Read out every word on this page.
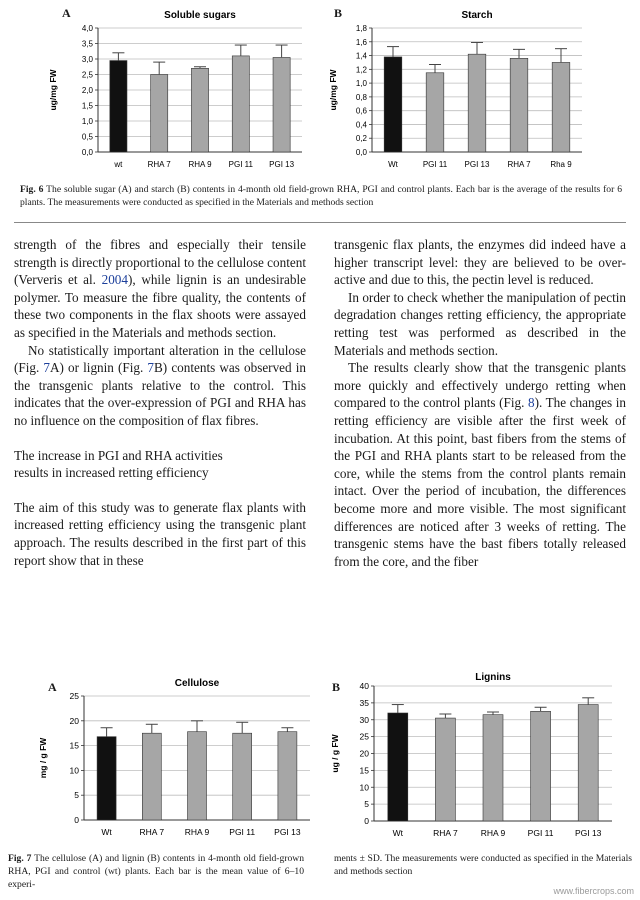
A	Soluble sugars
0,0
0,5
1,0
1,5
2,0
2,5
3,0
3,5
4,0
ug/mg FW
wt	RHA 7 RHA 9 PGI 11 PGI 13
B	Starch
0,0
0,2
0,4
0,6
0,8
1,0
1,2
1,4
1,6
1,8
ug/mg FW
Wt	PGI 11 PGI 13 RHA 7 Rha 9
Fig. 6 The soluble sugar (A) and starch (B) contents in 4-month old field-grown RHA, PGI and control plants. Each bar is the average of the results for 6 plants. The measurements were conducted as specified in the Materials and methods section

strength of the fibres and especially their tensile strength is directly proportional to the cellulose content (Ververis et al. 2004), while lignin is an undesirable polymer. To measure the fibre quality, the contents of these two components in the flax shoots were assayed as specified in the Materials and methods section.

No statistically important alteration in the cellulose (Fig. 7A) or lignin (Fig. 7B) contents was observed in the transgenic plants relative to the control. This indicates that the over-expression of PGI and RHA has no influence on the composition of flax fibres.

The increase in PGI and RHA activities

results in increased retting efficiency

The aim of this study was to generate flax plants with increased retting efficiency using the transgenic plant approach. The results described in the first part of this report show that in these

transgenic flax plants, the enzymes did indeed have a higher transcript level: they are believed to be over-active and due to this, the pectin level is reduced.

In order to check whether the manipulation of pectin degradation changes retting efficiency, the appropriate retting test was performed as described in the Materials and methods section.

The results clearly show that the transgenic plants more quickly and effectively undergo retting when compared to the control plants (Fig. 8). The changes in retting efficiency are visible after the first week of incubation. At this point, bast fibers from the stems of the PGI and RHA plants start to be released from the core, while the stems from the control plants remain intact. Over the period of incubation, the differences become more and more visible. The most significant differences are noticed after 3 weeks of retting. The transgenic stems have the bast fibers totally released from the core, and the fiber

A	Cellulose
0
5
10
15
20
25
mg / g FW
Wt	RHA 7 RHA 9 PGI 11 PGI 13
B
Lignins
0
5
10
15
20
25
30
35
40
ug / g FW
Wt	RHA 7	RHA 9	PGI 11	PGI 13
Fig. 7 The cellulose (A) and lignin (B) contents in 4-month old field-grown RHA, PGI and control (wt) plants. Each bar is the mean value of 6–10 experi-
ments ± SD. The measurements were conducted as specified in the Materials and methods section
www.fibercrops.com
